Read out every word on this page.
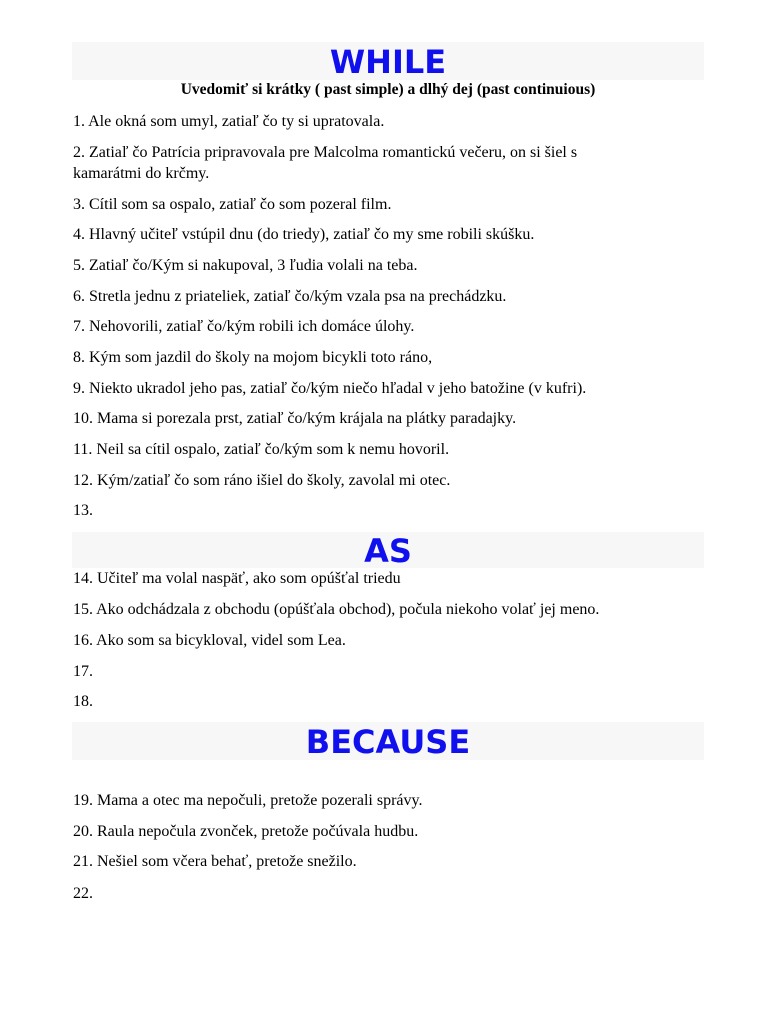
WHILE
Uvedomiť si krátky ( past simple) a dlhý dej (past continuious)
1. Ale okná som umyl, zatiaľ čo ty si upratovala.
2. Zatiaľ čo Patrícia pripravovala pre Malcolma romantickú večeru, on si šiel s kamarátmi do krčmy.
3. Cítil som sa ospalo, zatiaľ čo som pozeral film.
4. Hlavný učiteľ vstúpil dnu (do triedy), zatiaľ čo my sme robili skúšku.
5. Zatiaľ čo/Kým si nakupoval, 3 ľudia volali na teba.
6. Stretla jednu z priateliek, zatiaľ čo/kým vzala psa na prechádzku.
7. Nehovorili, zatiaľ čo/kým robili ich domáce úlohy.
8. Kým som jazdil do školy na mojom bicykli toto ráno,
9. Niekto ukradol jeho pas, zatiaľ čo/kým niečo hľadal v jeho batožine (v kufri).
10. Mama si porezala prst, zatiaľ čo/kým krájala na plátky paradajky.
11. Neil sa cítil ospalo, zatiaľ čo/kým som k nemu hovoril.
12. Kým/zatiaľ čo som ráno išiel do školy, zavolal mi otec.
13.
AS
14. Učiteľ ma volal naspäť, ako som opúšťal triedu
15. Ako odchádzala z obchodu (opúšťala obchod), počula niekoho volať jej meno.
16. Ako som sa bicykloval, videl som Lea.
17.
18.
BECAUSE
19. Mama a otec ma nepočuli, pretože pozerali správy.
20. Raula nepočula zvonček, pretože počúvala hudbu.
21. Nešiel som včera behať, pretože snežilo.
22.
